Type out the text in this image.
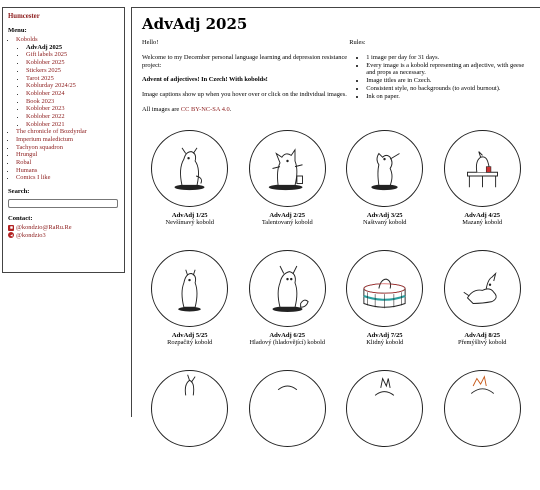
Humcester
Menu:
• Kobolds
• AdvAdj 2025
• Gift labels 2025
• Koblober 2025
• Stickers 2025
• Tarot 2025
• Koblurday 2024/25
• Koblober 2024
• Book 2023
• Koblober 2023
• Koblober 2022
• Koblober 2021
• The chronicle of Bozdyrdar
• Imperium maledictum
• Tachyon squadron
• Hrungul
• Robal
• Humans
• Comics I like
Search:
Contact:
@kondzio@RaRu.Re
@kondzio3
AdvAdj 2025

Hello!

Welcome to my December personal language learning and depression resistance project:

Advent of adjectives! In Czech! With kobolds!

Image captions show up when you hover over or click on the individual images.

All images are CC BY-NC-SA 4.0.

Rules:

• 1 image per day for 31 days.
• Every image is a kobold representing an adjective, with geese and props as necessary.
• Image titles are in Czech.
• Consistent style, no backgrounds (to avoid burnout).
• Ink on paper.
AdvAdj 1/25
Nevšímavý kobold
AdvAdj 2/25
Talentovaný kobold
AdvAdj 3/25
Naštvaný kobold
AdvAdj 4/25
Mazaný kobold
AdvAdj 5/25
Rozpačitý kobold
AdvAdj 6/25
Hladový (hladovějící) kobold
AdvAdj 7/25
Klidný kobold
AdvAdj 8/25
Přemýšlivý kobold
